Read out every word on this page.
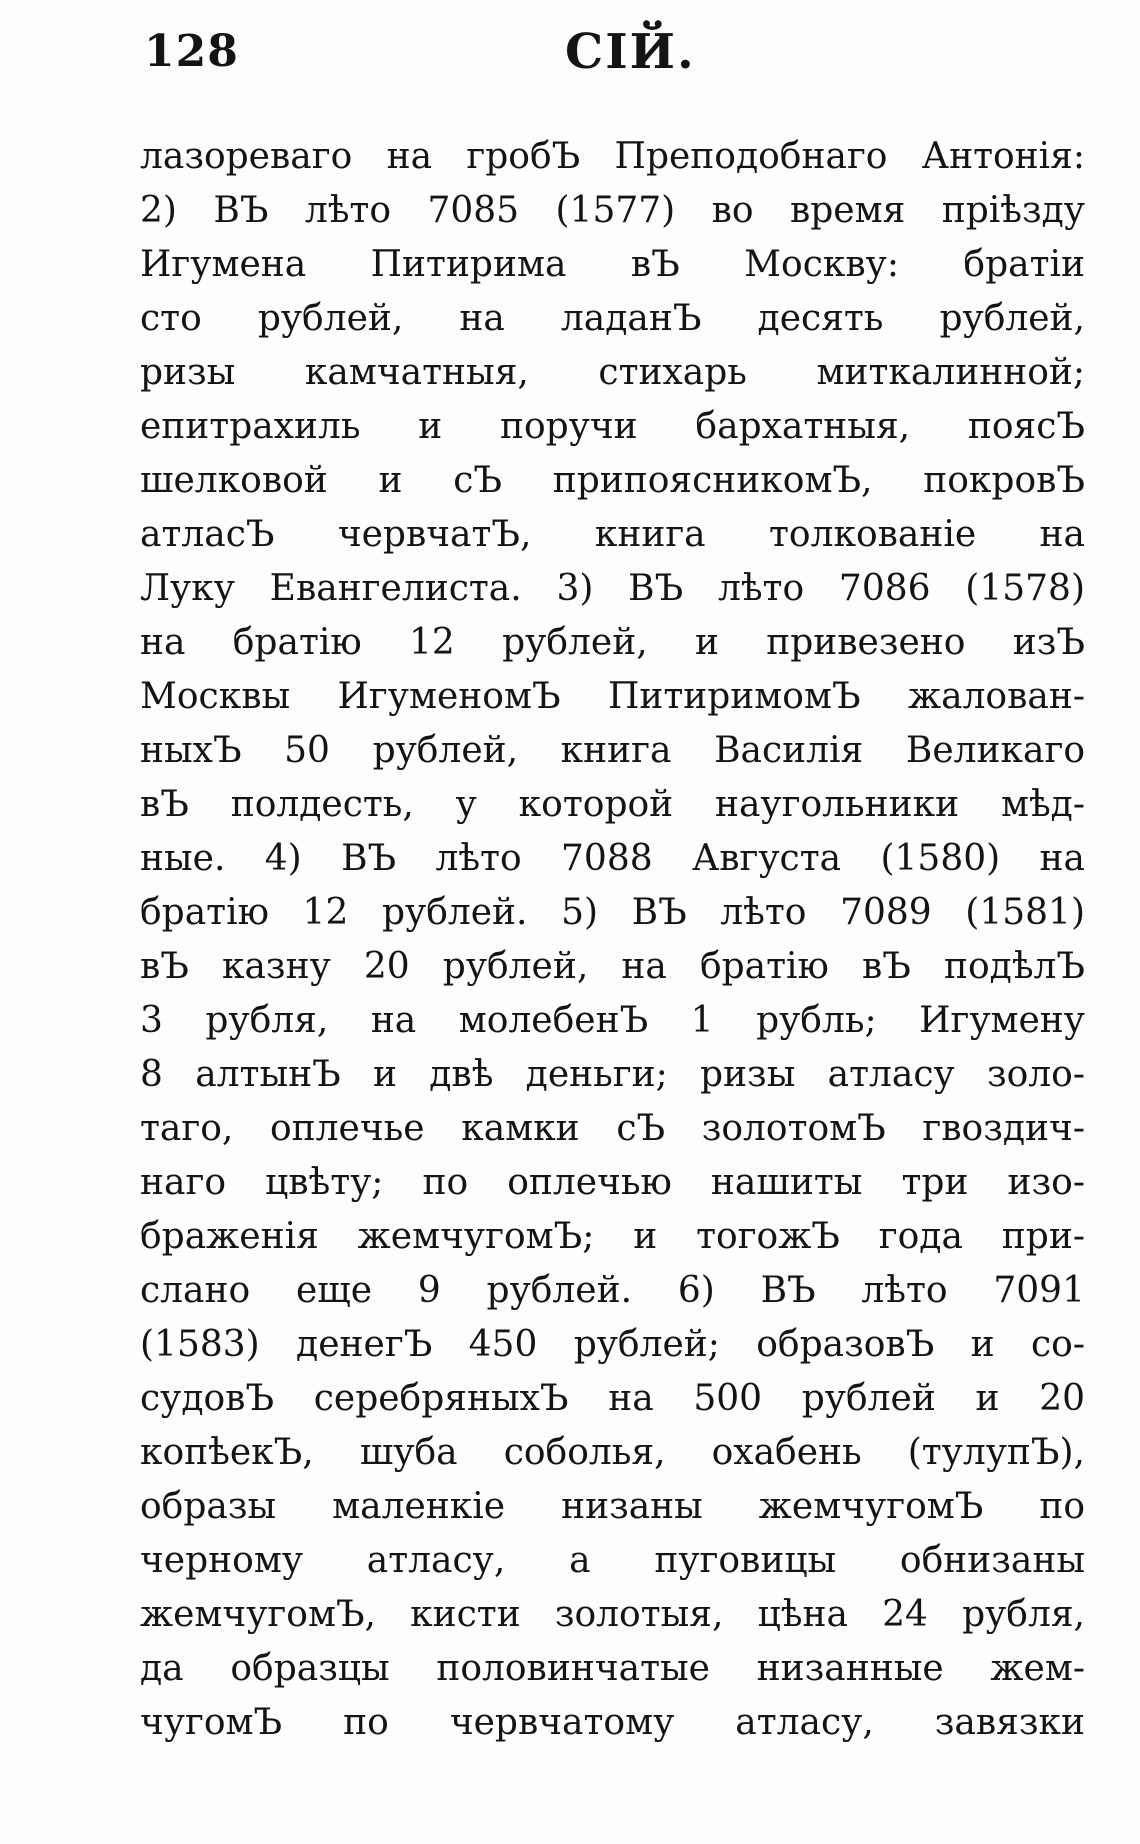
128	СІЙ.
лазореваго на гробЪ Преподобнаго Антонія:
2) ВЪ лѣто 7085 (1577) во время пріѣзду
Игумена Питирима вЪ Москву: братіи
сто рублей, на ладанЪ десять рублей,
ризы камчатныя, стихарь миткалинной;
епитрахиль и поручи бархатныя, поясЪ
шелковой и сЪ припоясникомЪ, покровЪ
атласЪ червчатЪ, книга толкованіе на
Луку Евангелиста. 3) ВЪ лѣто 7086 (1578)
на братію 12 рублей, и привезено изЪ
Москвы ИгуменомЪ ПитиримомЪ жалован-
ныхЪ 50 рублей, книга Василія Великаго
вЪ полдесть, у которой наугольники мѣд-
ные. 4) ВЪ лѣто 7088 Августа (1580) на
братію 12 рублей. 5) ВЪ лѣто 7089 (1581)
вЪ казну 20 рублей, на братію вЪ подѣлЪ
3 рубля, на молебенЪ 1 рубль; Игумену
8 алтынЪ и двѣ деньги; ризы атласу золо-
таго, оплечье камки сЪ золотомЪ гвоздич-
наго цвѣту; по оплечью нашиты три изо-
браженія жемчугомЪ; и тогожЪ года при-
слано еще 9 рублей. 6) ВЪ лѣто 7091
(1583) денегЪ 450 рублей; образовЪ и со-
судовЪ серебряныхЪ на 500 рублей и 20
копѣекЪ, шуба соболья, охабень (тулупЪ),
образы маленкіе низаны жемчугомЪ по
черному атласу, а пуговицы обнизаны
жемчугомЪ, кисти золотыя, цѣна 24 рубля,
да образцы половинчатые низанные жем-
чугомЪ по червчатому атласу, завязки
